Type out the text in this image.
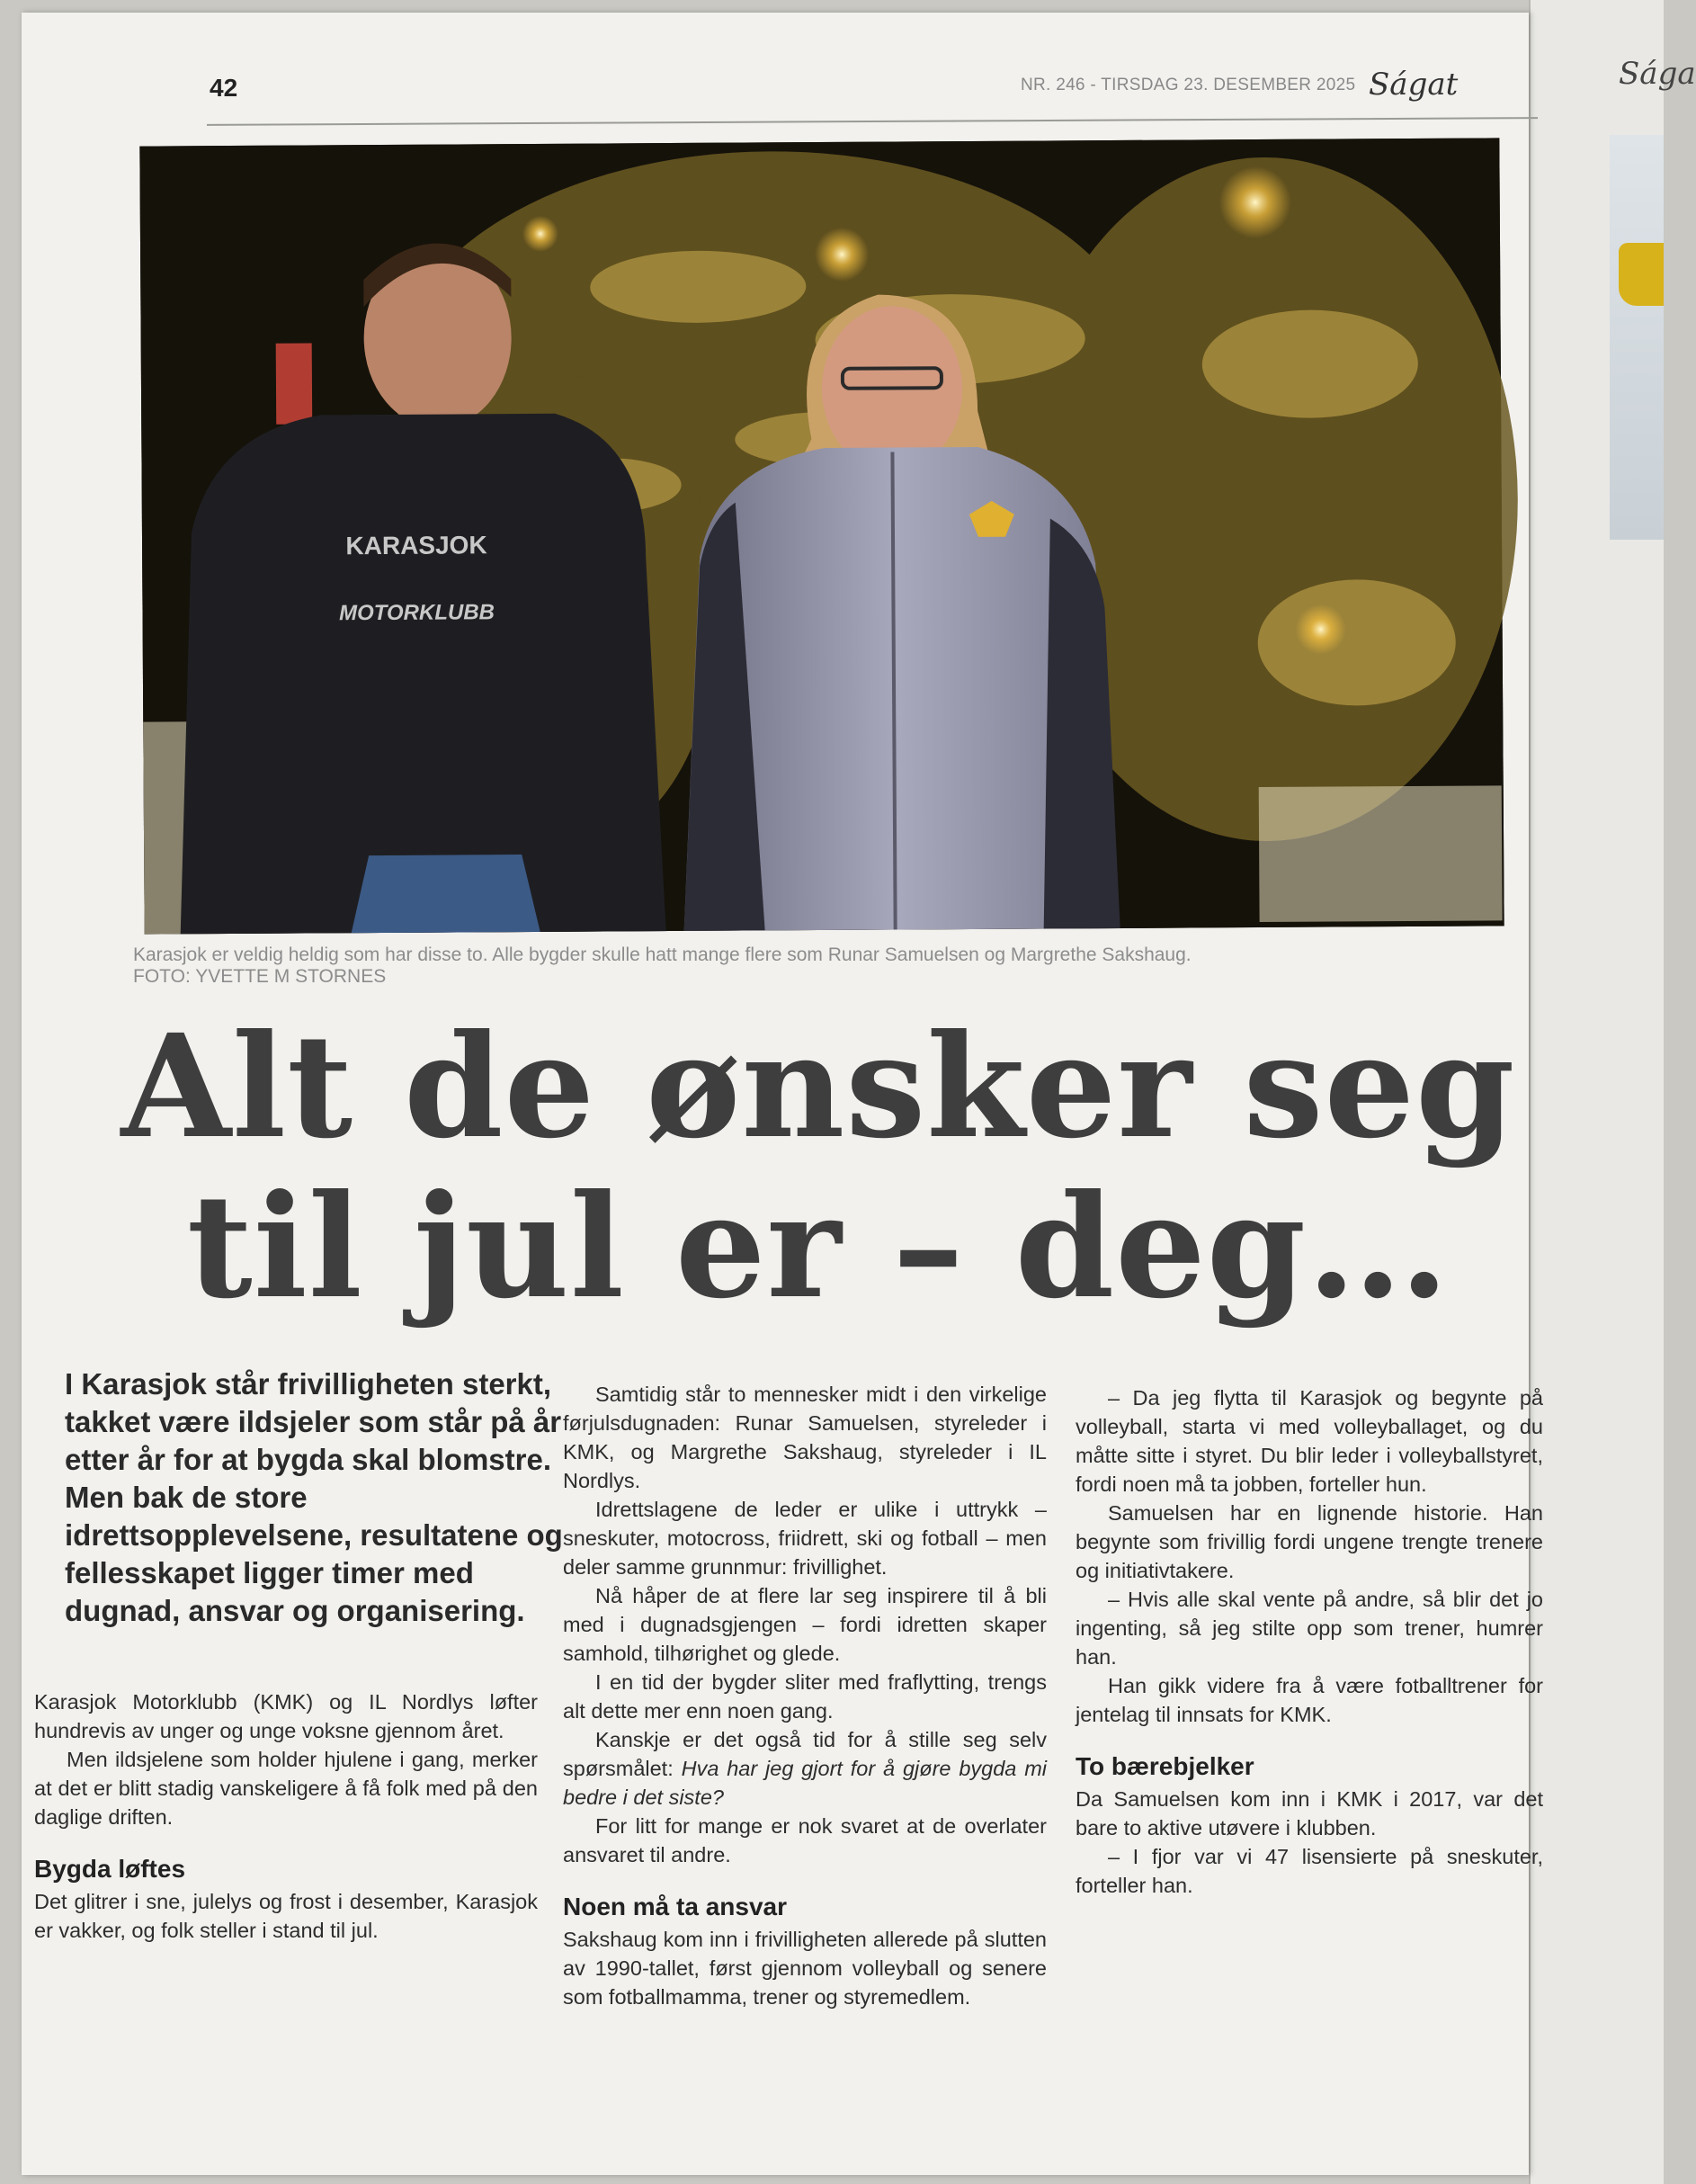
Sága
42	NR. 246 - TIRSDAG 23. DESEMBER 2025 Ságat
KARASJOK
MOTORKLUBB
Karasjok er veldig heldig som har disse to. Alle bygder skulle hatt mange flere som Runar Samuelsen og Margrethe Sakshaug.
FOTO: YVETTE M STORNES
Alt de ønsker seg
til jul er – deg…
I Karasjok står frivilligheten sterkt, takket være ildsjeler som står på år etter år for at bygda skal blomstre. Men bak de store idrettsopplevelsene, resultatene og fellesskapet ligger timer med dugnad, ansvar og organisering.

Karasjok Motorklubb (KMK) og IL Nordlys løfter hundrevis av unger og unge voksne gjennom året.

Men ildsjelene som holder hjulene i gang, merker at det er blitt stadig vanskeligere å få folk med på den daglige driften.

Bygda løftes

Det glitrer i sne, julelys og frost i desember, Karasjok er vakker, og folk steller i stand til jul.

Samtidig står to mennesker midt i den virkelige førjulsdugnaden: Runar Samuelsen, styreleder i KMK, og Margrethe Sakshaug, styreleder i IL Nordlys.

Idrettslagene de leder er ulike i uttrykk – sneskuter, motocross, friidrett, ski og fotball – men deler samme grunnmur: frivillighet.

Nå håper de at flere lar seg inspirere til å bli med i dugnadsgjengen – fordi idretten skaper samhold, tilhørighet og glede.

I en tid der bygder sliter med fraflytting, trengs alt dette mer enn noen gang.

Kanskje er det også tid for å stille seg selv spørsmålet: Hva har jeg gjort for å gjøre bygda mi bedre i det siste?

For litt for mange er nok svaret at de overlater ansvaret til andre.

Noen må ta ansvar

Sakshaug kom inn i frivilligheten allerede på slutten av 1990-tallet, først gjennom volleyball og senere som fotballmamma, trener og styremedlem.

– Da jeg flytta til Karasjok og begynte på volleyball, starta vi med volleyballaget, og du måtte sitte i styret. Du blir leder i volleyballstyret, fordi noen må ta jobben, forteller hun.

Samuelsen har en lignende historie. Han begynte som frivillig fordi ungene trengte trenere og initiativtakere.

– Hvis alle skal vente på andre, så blir det jo ingenting, så jeg stilte opp som trener, humrer han.

Han gikk videre fra å være fotballtrener for jentelag til innsats for KMK.

To bærebjelker

Da Samuelsen kom inn i KMK i 2017, var det bare to aktive utøvere i klubben.

– I fjor var vi 47 lisensierte på sneskuter, forteller han.
